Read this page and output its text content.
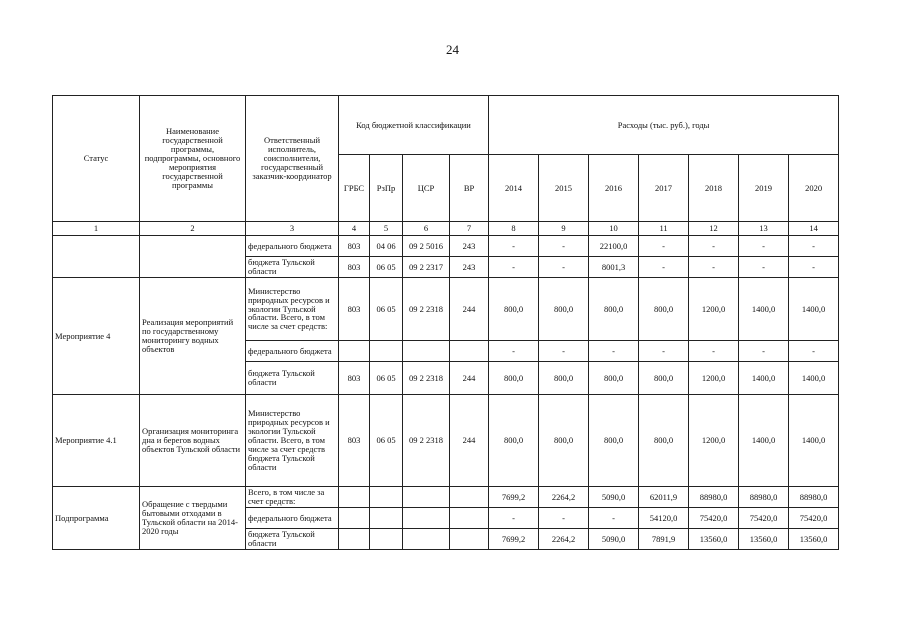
24
Статус	Наименование государственной программы, подпрограммы, основного мероприятия государственной программы	Ответственный исполнитель, соисполнители, государственный заказчик-координатор	Код бюджетной классификации				Расходы (тыс. руб.), годы						
			ГРБС	РзПр	ЦСР	ВР	2014	2015	2016	2017	2018	2019	2020
1	2	3	4	5	6	7	8	9	10	11	12	13	14
		федерального бюджета	803	04 06	09 2 5016	243	-	-	22100,0	-	-	-	-
		бюджета Тульской области	803	06 05	09 2 2317	243	-	-	8001,3	-	-	-	-
Мероприятие 4	Реализация мероприятий по государственному мониторингу водных объектов	Министерство природных ресурсов и экологии Тульской области. Всего, в том числе за счет средств:	803	06 05	09 2 2318	244	800,0	800,0	800,0	800,0	1200,0	1400,0	1400,0
		федерального бюджета					-	-	-	-	-	-	-
		бюджета Тульской области	803	06 05	09 2 2318	244	800,0	800,0	800,0	800,0	1200,0	1400,0	1400,0
Мероприятие 4.1	Организация мониторинга дна и берегов водных объектов Тульской области	Министерство природных ресурсов и экологии Тульской области. Всего, в том числе за счет средств бюджета Тульской области	803	06 05	09 2 2318	244	800,0	800,0	800,0	800,0	1200,0	1400,0	1400,0
Подпрограмма	Обращение с твердыми бытовыми отходами в Тульской области на 2014-2020 годы	Всего, в том числе за счет средств:					7699,2	2264,2	5090,0	62011,9	88980,0	88980,0	88980,0
		федерального бюджета					-	-	-	54120,0	75420,0	75420,0	75420,0
		бюджета Тульской области					7699,2	2264,2	5090,0	7891,9	13560,0	13560,0	13560,0
